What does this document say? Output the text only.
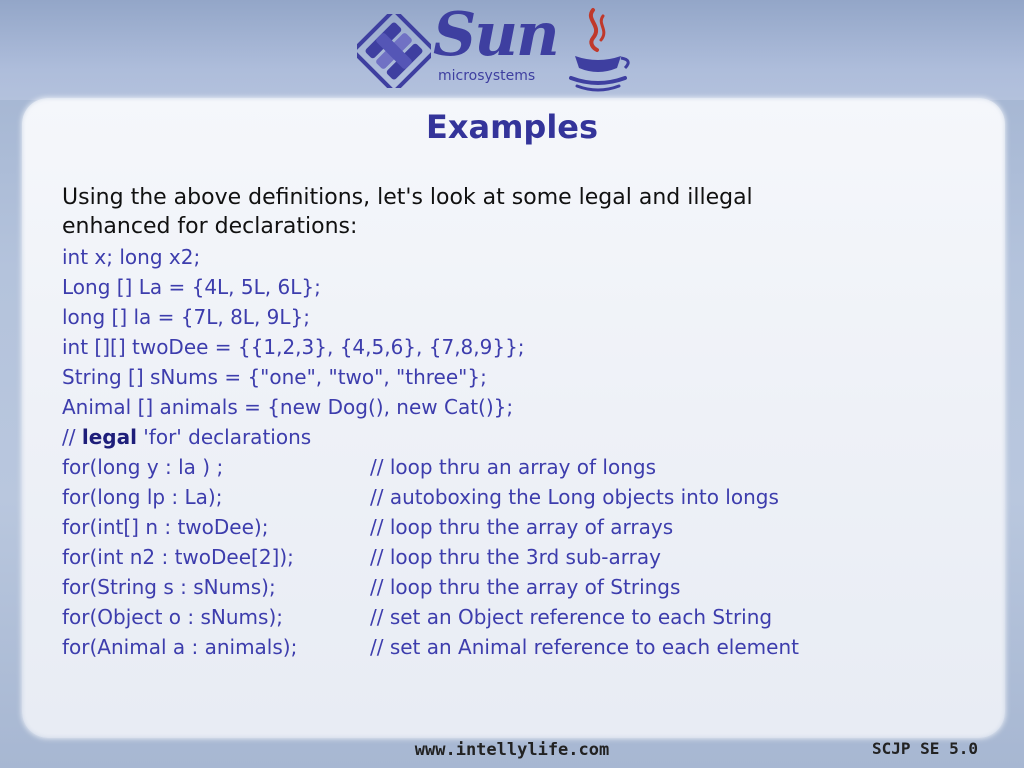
Sun
microsystems
Examples
Using the above definitions, let's look at some legal and illegal enhanced for declarations:
int x; long x2;
Long [] La = {4L, 5L, 6L};
long [] la = {7L, 8L, 9L};
int [][] twoDee = {{1,2,3}, {4,5,6}, {7,8,9}};
String [] sNums = {"one", "two", "three"};
Animal [] animals = {new Dog(), new Cat()};
// legal 'for' declarations
for(long y : la ) ;	// loop thru an array of longs
for(long lp : La);	// autoboxing the Long objects into longs
for(int[] n : twoDee);	// loop thru the array of arrays
for(int n2 : twoDee[2]);	// loop thru the 3rd sub-array
for(String s : sNums);	// loop thru the array of Strings
for(Object o : sNums);	// set an Object reference to each String
for(Animal a : animals);	// set an Animal reference to each element
www.intellylife.com	SCJP SE 5.0
